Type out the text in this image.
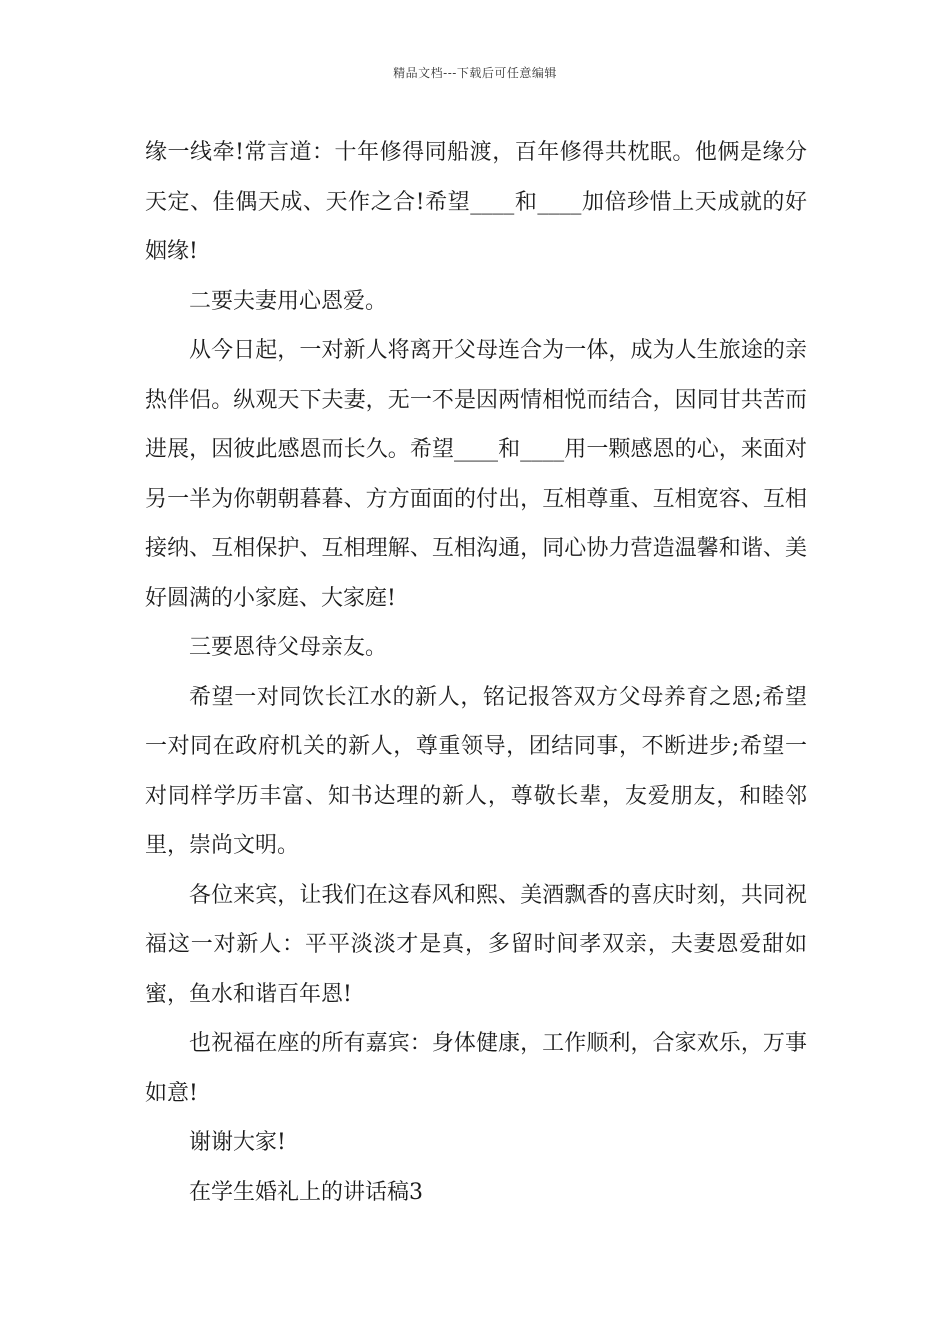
精品文档---下载后可任意编辑

缘一线牵!常言道：十年修得同船渡，百年修得共枕眠。他俩是缘分天定、佳偶天成、天作之合!希望____和____加倍珍惜上天成就的好姻缘!

二要夫妻用心恩爱。

从今日起，一对新人将离开父母连合为一体，成为人生旅途的亲热伴侣。纵观天下夫妻，无一不是因两情相悦而结合，因同甘共苦而进展，因彼此感恩而长久。希望____和____用一颗感恩的心，来面对另一半为你朝朝暮暮、方方面面的付出，互相尊重、互相宽容、互相接纳、互相保护、互相理解、互相沟通，同心协力营造温馨和谐、美好圆满的小家庭、大家庭!

三要恩待父母亲友。

希望一对同饮长江水的新人，铭记报答双方父母养育之恩;希望一对同在政府机关的新人，尊重领导，团结同事，不断进步;希望一对同样学历丰富、知书达理的新人，尊敬长辈，友爱朋友，和睦邻里，崇尚文明。

各位来宾，让我们在这春风和熙、美酒飘香的喜庆时刻，共同祝福这一对新人：平平淡淡才是真，多留时间孝双亲，夫妻恩爱甜如蜜，鱼水和谐百年恩!

也祝福在座的所有嘉宾：身体健康，工作顺利，合家欢乐，万事如意!

谢谢大家!

在学生婚礼上的讲话稿3
